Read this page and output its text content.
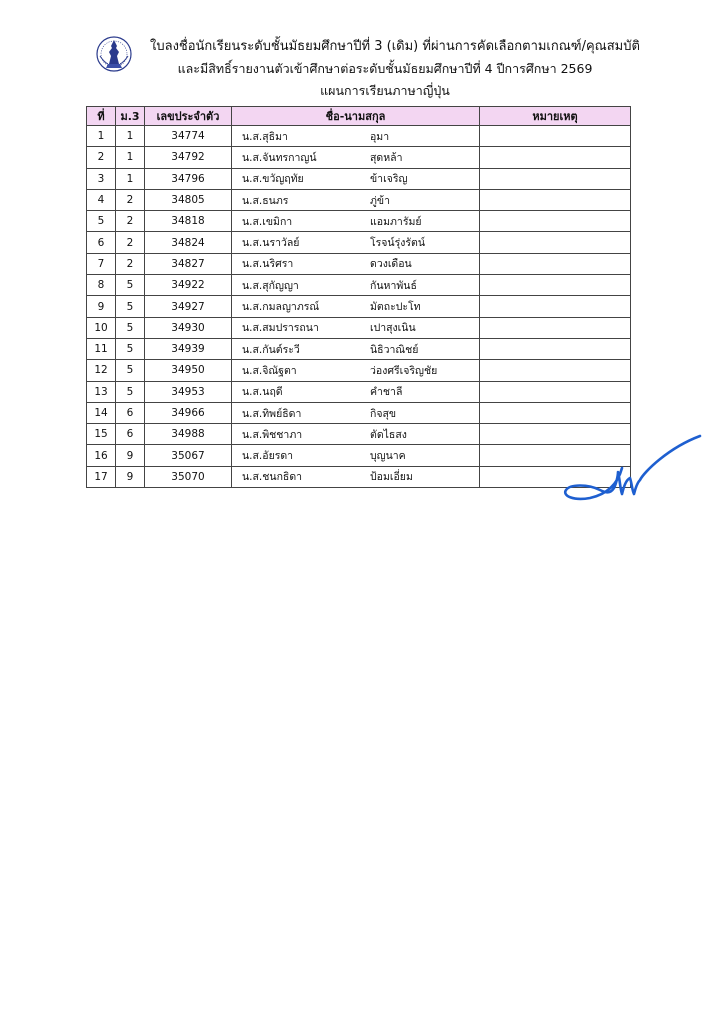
ใบลงชื่อนักเรียนระดับชั้นมัธยมศึกษาปีที่ 3 (เดิม) ที่ผ่านการคัดเลือกตามเกณฑ์/คุณสมบัติ
และมีสิทธิ์รายงานตัวเข้าศึกษาต่อระดับชั้นมัธยมศึกษาปีที่ 4 ปีการศึกษา 2569
แผนการเรียนภาษาญี่ปุ่น
ที่	ม.3	เลขประจำตัว	ชื่อ-นามสกุล	หมายเหตุ
1	1	34774	น.ส.สุธิมา อุมา	
2	1	34792	น.ส.จันทรกาญน์ สุดหล้า	
3	1	34796	น.ส.ขวัญฤทัย ข้าเจริญ	
4	2	34805	น.ส.ธนภร ภู่ข้า	
5	2	34818	น.ส.เขมิกา แอมภารัมย์	
6	2	34824	น.ส.นราวัลย์ โรจน์รุ่งรัตน์	
7	2	34827	น.ส.นริศรา ดวงเดือน	
8	5	34922	น.ส.สุกัญญา กันหาพันธ์	
9	5	34927	น.ส.กมลญาภรณ์ มัตถะปะโท	
10	5	34930	น.ส.สมปรารถนา เปาสุงเนิน	
11	5	34939	น.ส.กันต์ระวี นิธิวาณิชย์	
12	5	34950	น.ส.จิณัฐตา ว่องศรีเจริญชัย	
13	5	34953	น.ส.นฤดี คำชาลี	
14	6	34966	น.ส.ทิพย์ธิดา กิจสุข	
15	6	34988	น.ส.พิชชาภา ตัดไธสง	
16	9	35067	น.ส.อัยรดา บุญนาค	
17	9	35070	น.ส.ชนกธิดา ป้อมเอี่ยม	
